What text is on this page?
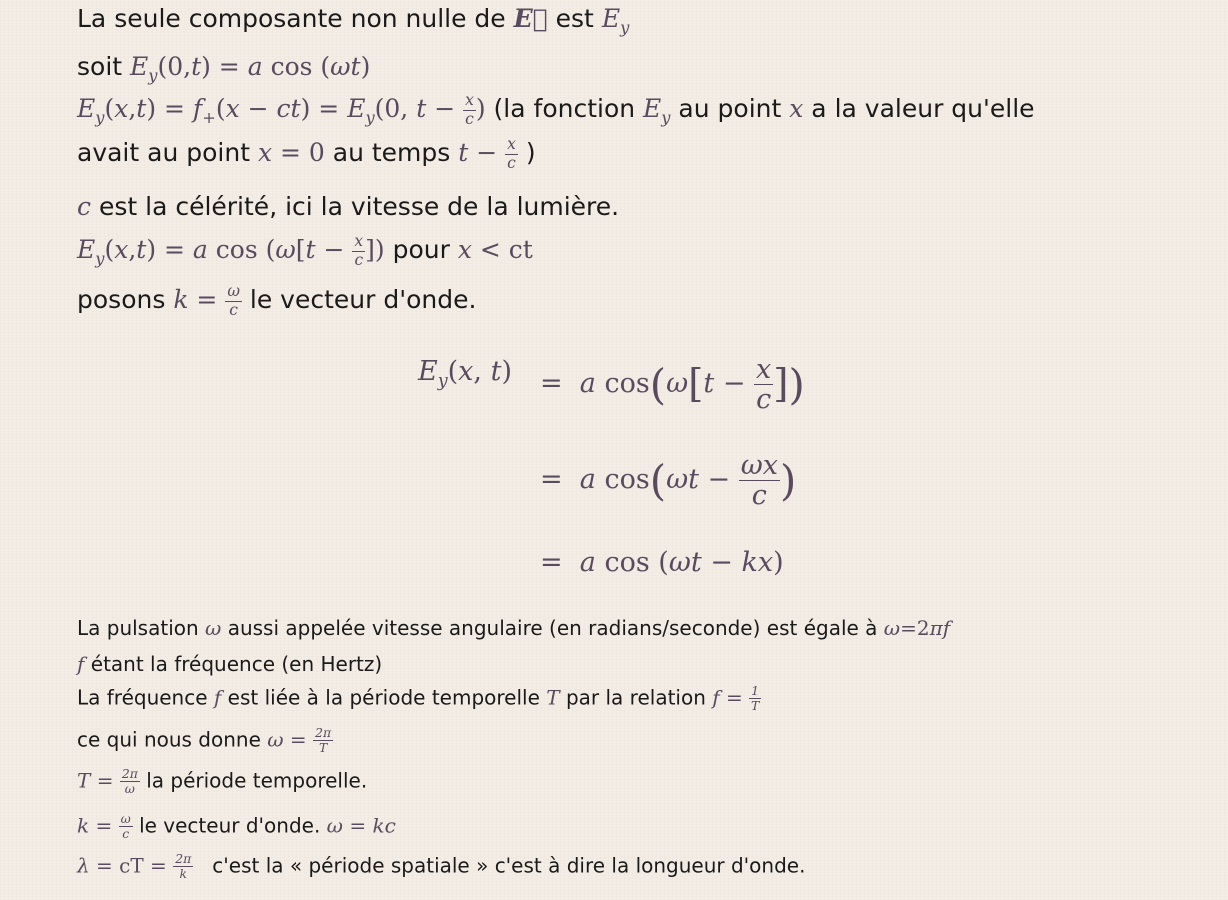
La seule composante non nulle de E⃗ est $E_y$
soit $E_y(0,t) = a$ cos (ωt)
$E_y(x,t) = f_+(x - ct) = E_y(0$, $t - \frac{x}{c}$ ) (la fonction $E_y$ au point x a la valeur qu'elle
avait au point x = 0 au temps $t - \frac{x}{c}$ )
c est la célérité, ici la vitesse de la lumière.
$E_y(x,t) = a$ $\cos (\omega[t - \frac{x}{c}$ ]) pour x < ct
posons $k = \frac{\omega}{c}$ le vecteur d'onde.
$E_y(x$, t) =  a $\cos(\omega[t - \frac{x}{c}$ ])
=  a $\cos(\omega t - \frac{\omega x}{c}$ )
=  a cos (ωt − kx)
La pulsation ω aussi appelée vitesse angulaire (en radians/seconde) est égale à ω=2πf
f étant la fréquence (en Hertz)
La fréquence f est liée à la période temporelle T par la relation $f = \frac{1}{T}$
ce qui nous donne $\omega = \frac{2\pi}{T}$
$T = \frac{2\pi}{\omega}$ la période temporelle.
$k = \frac{\omega}{c}$ le vecteur d'onde. ω = kc
λ = cT = $\frac{2\pi}{k} c'est$ la « période spatiale » c'est à dire la longueur d'onde.
